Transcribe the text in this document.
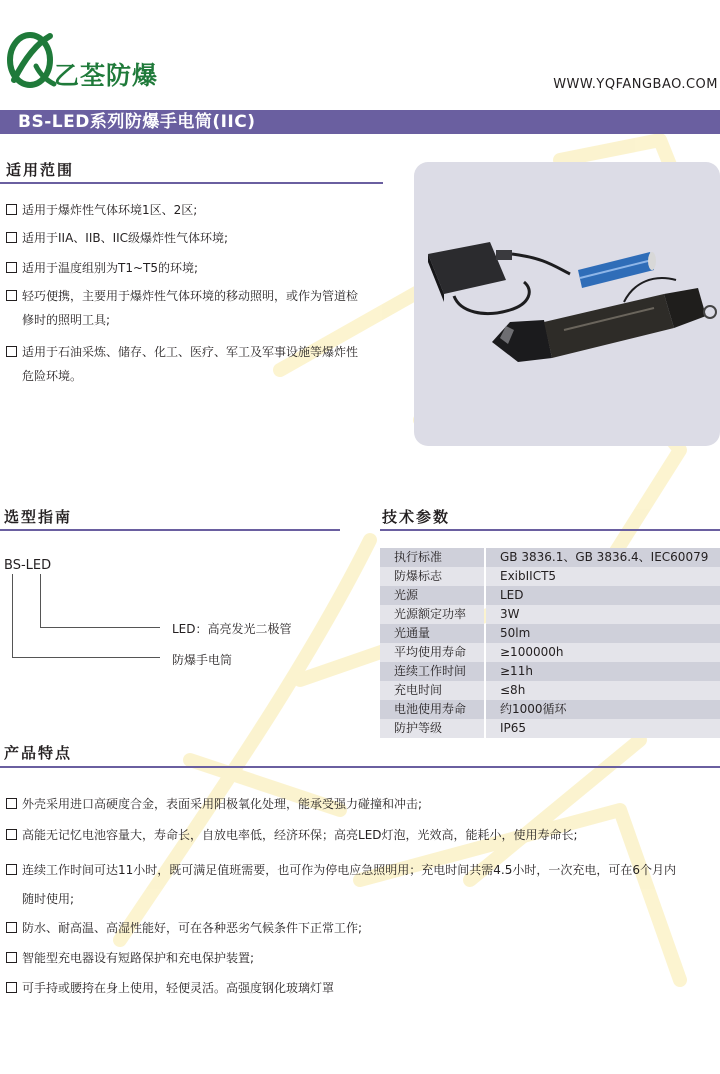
乙荃防爆	WWW.YQFANGBAO.COM
BS-LED系列防爆手电筒(IIC)
适用范围
适用于爆炸性气体环境1区、2区;
适用于IIA、IIB、IIC级爆炸性气体环境;
适用于温度组别为T1~T5的环境;
轻巧便携，主要用于爆炸性气体环境的移动照明，或作为管道检
修时的照明工具;
适用于石油采炼、储存、化工、医疗、军工及军事设施等爆炸性
危险环境。
选型指南
BS-LED
LED：高亮发光二极管
防爆手电筒
技术参数
执行标准	GB 3836.1、GB 3836.4、IEC60079
防爆标志	ExibIICT5
光源	LED
光源额定功率	3W
光通量	50lm
平均使用寿命	≥100000h
连续工作时间	≥11h
充电时间	≤8h
电池使用寿命	约1000循环
防护等级	IP65
产品特点
外壳采用进口高硬度合金，表面采用阳极氧化处理，能承受强力碰撞和冲击;
高能无记忆电池容量大，寿命长，自放电率低，经济环保；高亮LED灯泡，光效高，能耗小，使用寿命长;
连续工作时间可达11小时，既可满足值班需要，也可作为停电应急照明用；充电时间共需4.5小时，一次充电，可在6个月内
随时使用;
防水、耐高温、高湿性能好，可在各种恶劣气候条件下正常工作;
智能型充电器设有短路保护和充电保护装置;
可手持或腰挎在身上使用，轻便灵活。高强度钢化玻璃灯罩
